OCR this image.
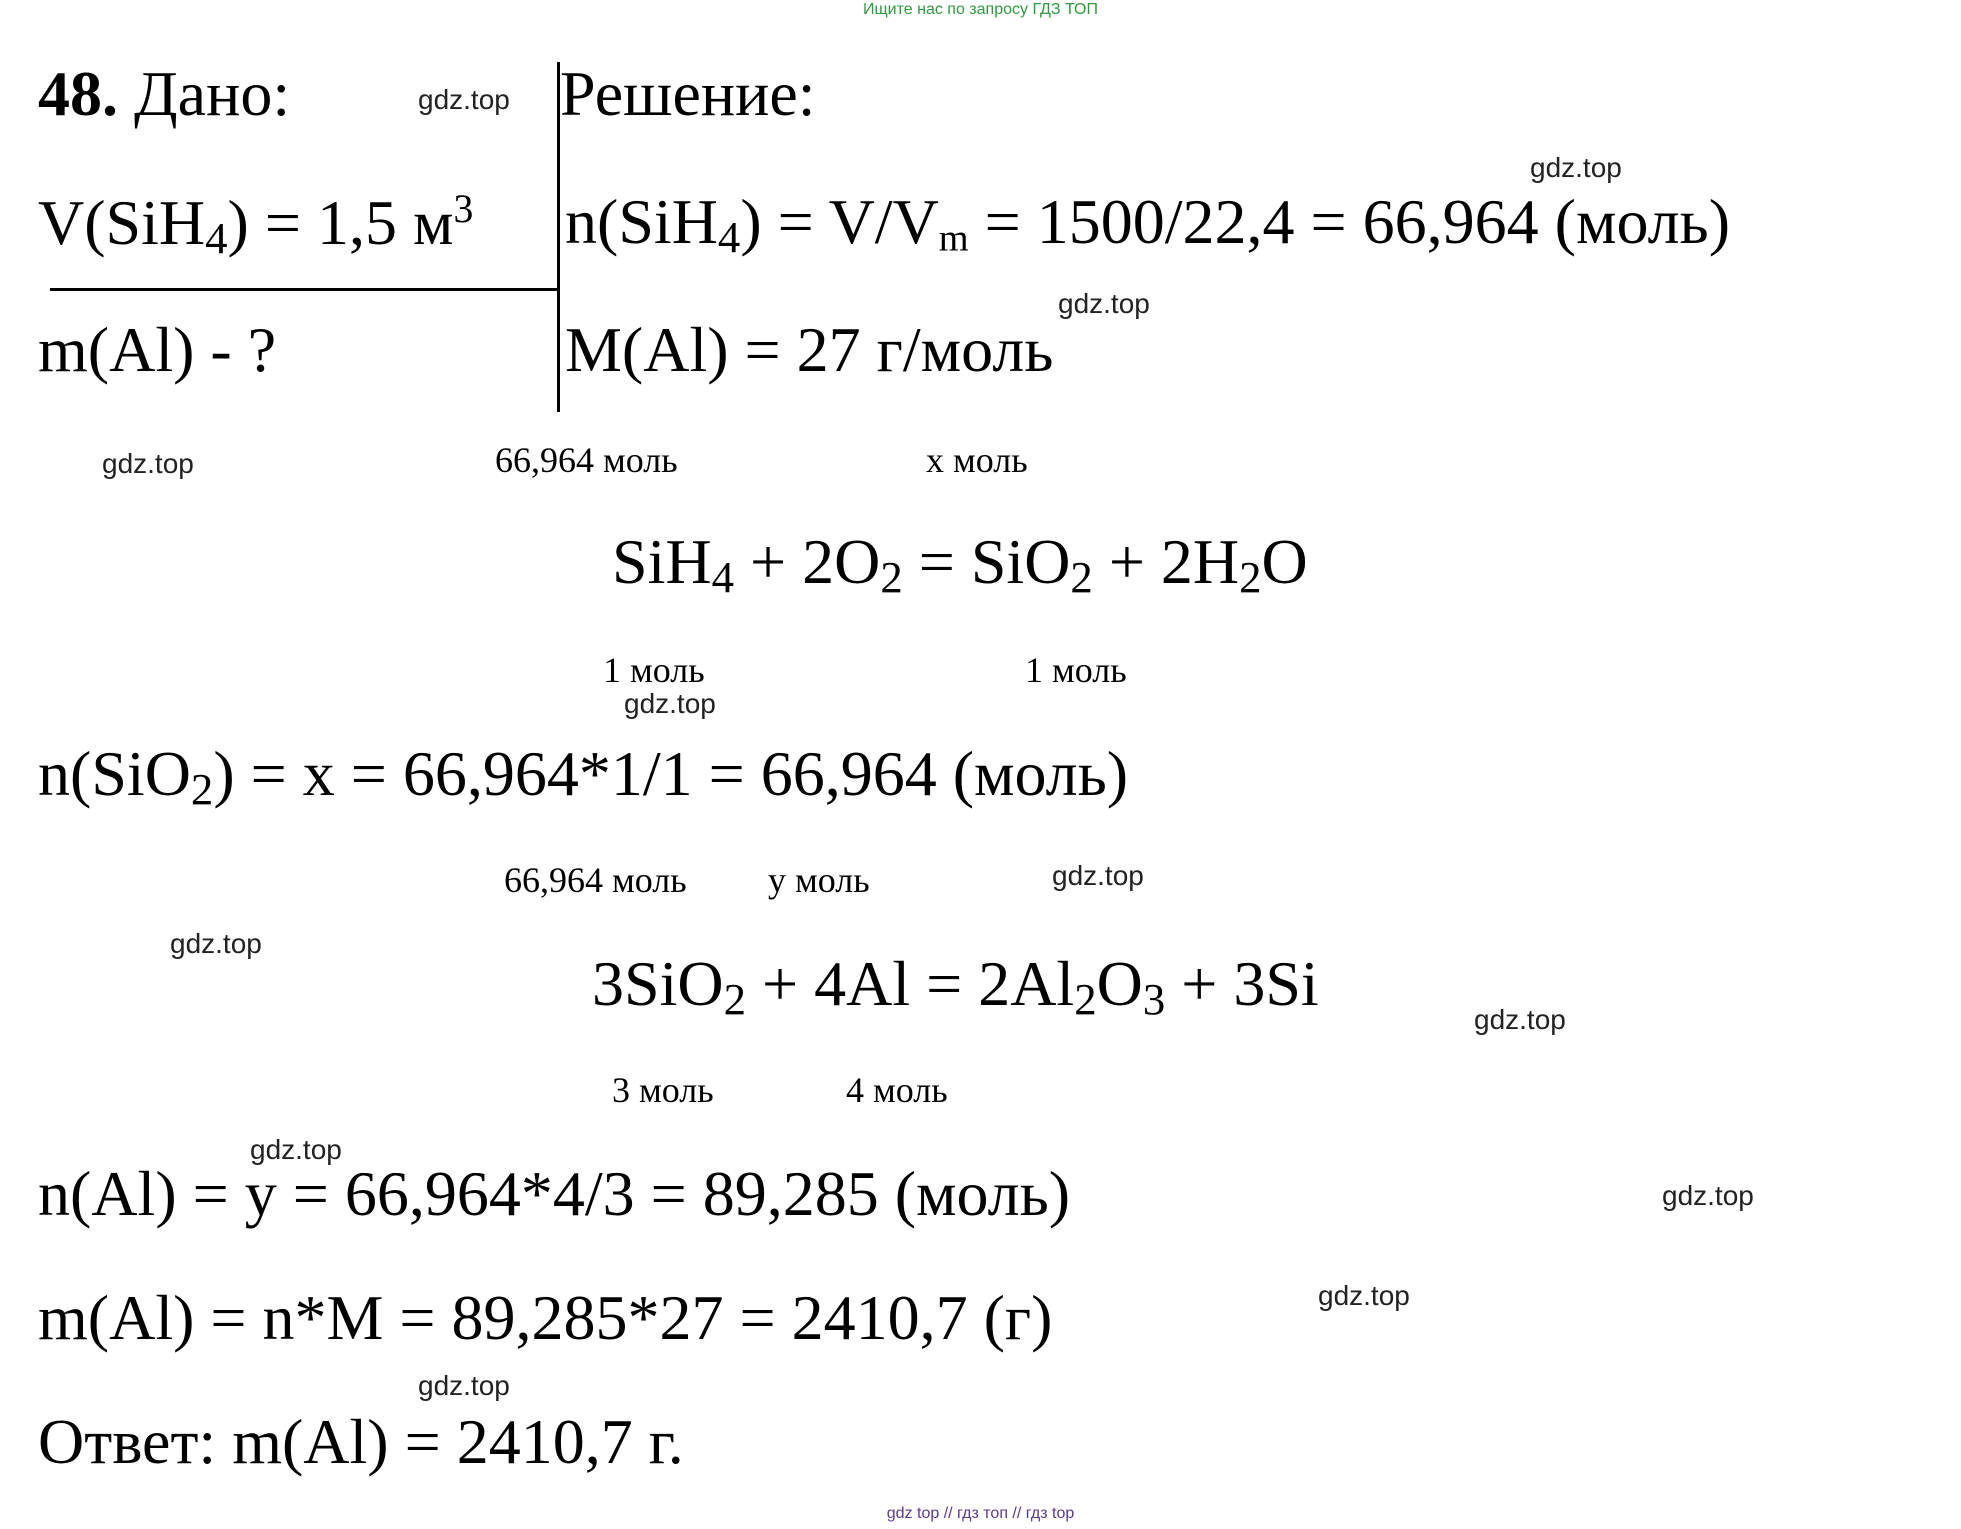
Ищите нас по запросу ГДЗ ТОП
48. Дано:	Решение:
V(SiH$_4$) = 1,5 $м^3$
m(Al) - ?
$n(SiH_4) = V/V_m = 1500/22,4 = 66,964$ (моль)
M(Al) = 27 г/моль
66,964 моль	x моль
$SiH_4 + 2O_2 = SiO_2 + 2H_2O$
1 моль	1 моль
n(SiO$_2$) = x = 66,964*1/1 = 66,964 (моль)
66,964 моль y моль
$3SiO_2 + 4Al = 2Al_2O_3 + 3Si$
3 моль	4 моль
n(Al) = y = 66,964*4/3 = 89,285 (моль)
m(Al) = n*M = 89,285*27 = 2410,7 (г)
Ответ: m(Al) = 2410,7 г.
gdz.top
gdz.top
gdz.top
gdz.top
gdz.top
gdz.top
gdz.top
gdz.top
gdz.top
gdz.top
gdz.top
gdz.top
gdz top // гдз топ // гдз top
